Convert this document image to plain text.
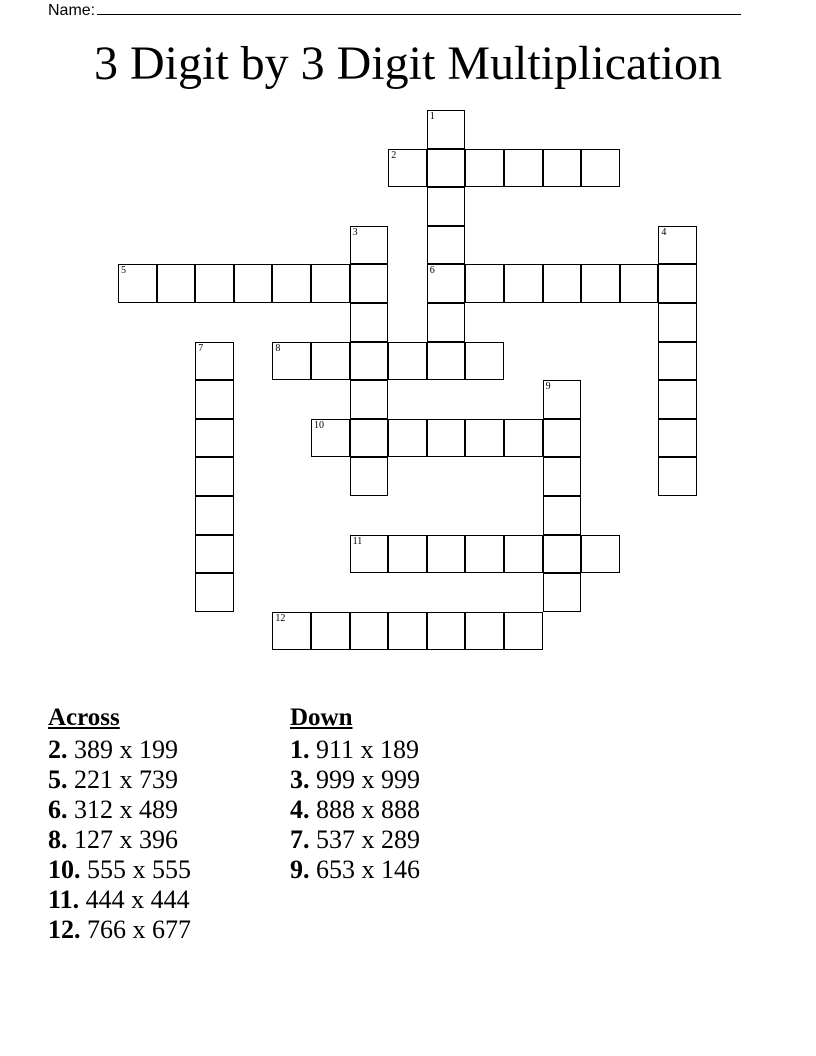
Name:
3 Digit by 3 Digit Multiplication
1
6
2
3	4
5
7	8
9
10
11
12
Across
2. 389 x 199
5. 221 x 739
6. 312 x 489
8. 127 x 396
10. 555 x 555
11. 444 x 444
12. 766 x 677
Down
1. 911 x 189
3. 999 x 999
4. 888 x 888
7. 537 x 289
9. 653 x 146
